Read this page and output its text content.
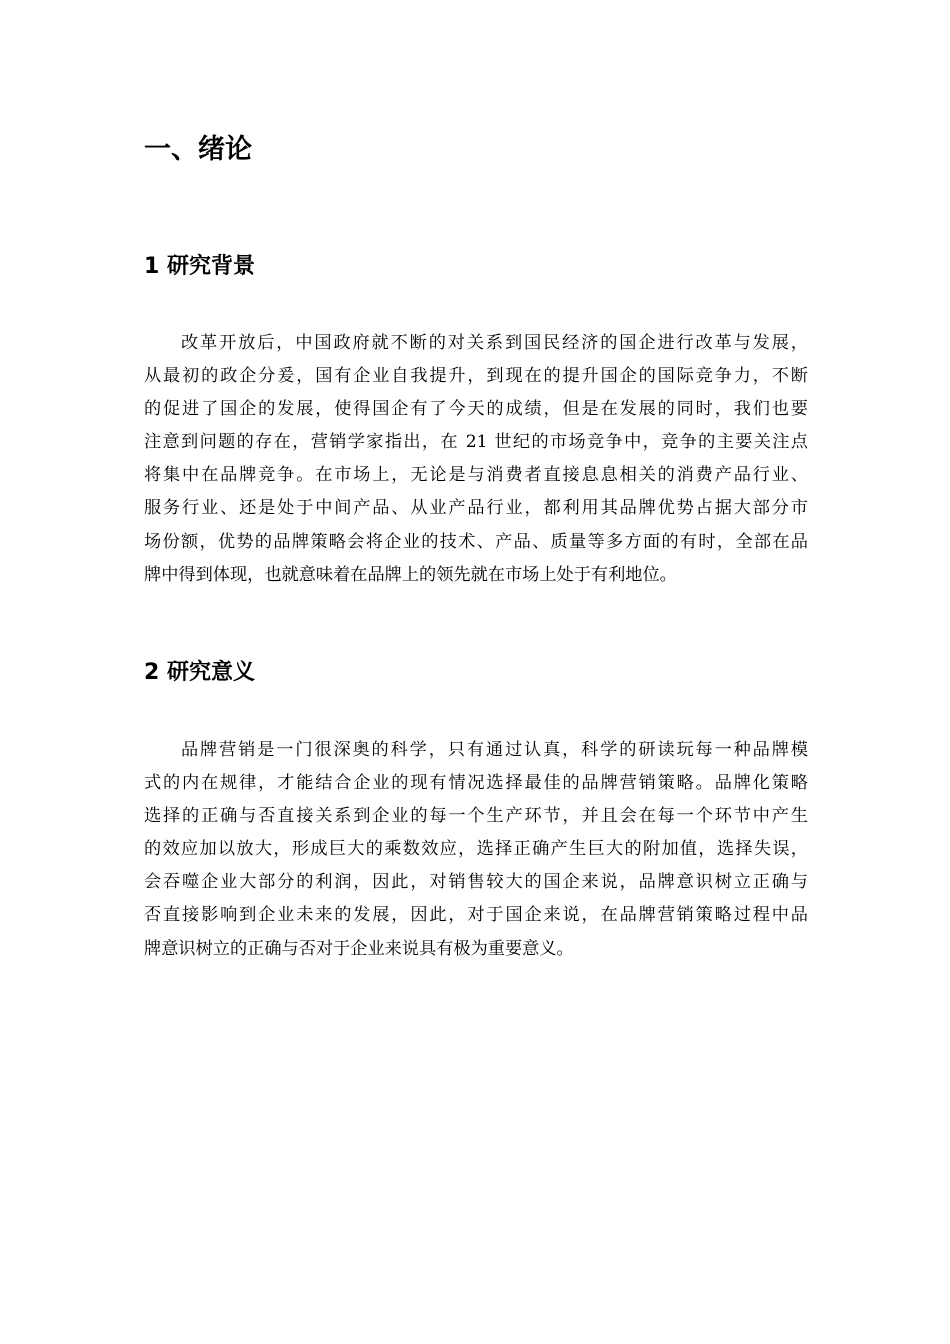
一、绪论
1 研究背景
改革开放后，中国政府就不断的对关系到国民经济的国企进行改革与发展，
从最初的政企分爰，国有企业自我提升，到现在的提升国企的国际竞争力，不断
的促进了国企的发展，使得国企有了今天的成绩，但是在发展的同时，我们也要
注意到问题的存在，营销学家指出，在 21 世纪的市场竞争中，竞争的主要关注点
将集中在品牌竞争。在市场上，无论是与消费者直接息息相关的消费产品行业、
服务行业、还是处于中间产品、从业产品行业，都利用其品牌优势占据大部分市
场份额，优势的品牌策略会将企业的技术、产品、质量等多方面的有时，全部在品
牌中得到体现，也就意味着在品牌上的领先就在市场上处于有利地位。
2 研究意义
品牌营销是一门很深奥的科学，只有通过认真，科学的研读玩每一种品牌模
式的内在规律，才能结合企业的现有情况选择最佳的品牌营销策略。品牌化策略
选择的正确与否直接关系到企业的每一个生产环节，并且会在每一个环节中产生
的效应加以放大，形成巨大的乘数效应，选择正确产生巨大的附加值，选择失误，
会吞噬企业大部分的利润，因此，对销售较大的国企来说，品牌意识树立正确与
否直接影响到企业未来的发展，因此，对于国企来说，在品牌营销策略过程中品
牌意识树立的正确与否对于企业来说具有极为重要意义。
